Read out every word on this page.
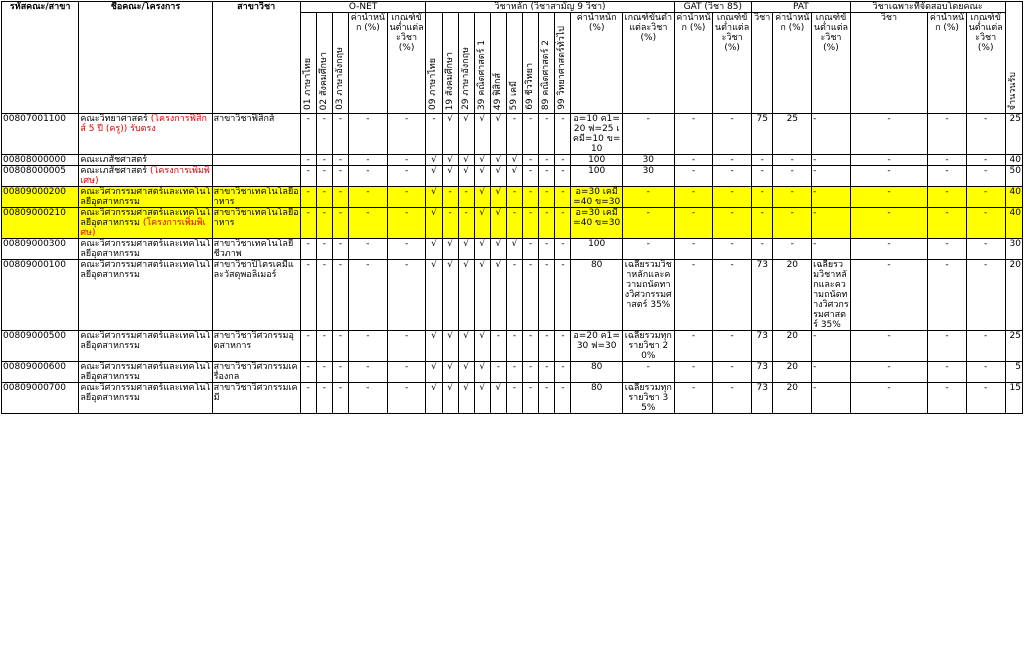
รหัสคณะ/สาขา	ชื่อคณะ/โครงการ	สาขาวิชา	O-NET					วิชาหลัก (วิชาสามัญ 9 วิชา)											GAT (วิชา 85)		PAT			วิชาเฉพาะที่จัดสอบโดยคณะ			จำนวนรับ
			01 ภาษาไทย	02 สังคมศึกษา	03 ภาษาอังกฤษ	ค่าน้ำหนัก (%)	เกณฑ์ขั้นต่ำแต่ละวิชา (%)	09 ภาษาไทย	19 สังคมศึกษา	29 ภาษาอังกฤษ	39 คณิตศาสตร์ 1	49 ฟิสิกส์	59 เคมี	69 ชีววิทยา	89 คณิตศาสตร์ 2	99 วิทยาศาสตร์ทั่วไป	ค่าน้ำหนัก (%)	เกณฑ์ขั้นต่ำแต่ละวิชา (%)	ค่าน้ำหนัก (%)	เกณฑ์ขั้นต่ำแต่ละวิชา (%)	วิชา	ค่าน้ำหนัก (%)	เกณฑ์ขั้นต่ำแต่ละวิชา (%)	วิชา	ค่าน้ำหนัก (%)	เกณฑ์ขั้นต่ำแต่ละวิชา (%)	

00807001100	คณะวิทยาศาสตร์ (โครงการฟิสิกส์ 5 ปี (ครู)) รับตรง	สาขาวิชาฟิสิกส์	-	-	-	-	-	-	√	√	√	√	-	-	-	-	อ=10 ค1=20 ฟ=25 เคมี=10 ข=10	-	-	-	75	25	-	-	-	-	25
00808000000	คณะเภสัชศาสตร์		-	-	-	-	-	√	√	√	√	√	√	-	-	-	100	30	-	-	-	-	-	-	-	-	40
00808000005	คณะเภสัชศาสตร์ (โครงการเพิ่มพิเศษ)		-	-	-	-	-	√	√	√	√	√	√	-	-	-	100	30	-	-	-	-	-	-	-	-	50
00809000200	คณะวิศวกรรมศาสตร์และเทคโนโลยีอุตสาหกรรม	สาขาวิชาเทคโนโลยีอาหาร	-	-	-	-	-	√	-	-	√	√	-	-	-	-	อ=30 เคมี=40 ข=30	-	-	-	-	-	-	-	-	-	40
00809000210	คณะวิศวกรรมศาสตร์และเทคโนโลยีอุตสาหกรรม (โครงการเพิ่มพิเศษ)	สาขาวิชาเทคโนโลยีอาหาร	-	-	-	-	-	√	-	-	√	√	-	-	-	-	อ=30 เคมี=40 ข=30	-	-	-	-	-	-	-	-	-	40
00809000300	คณะวิศวกรรมศาสตร์และเทคโนโลยีอุตสาหกรรม	สาขาวิชาเทคโนโลยีชีวภาพ	-	-	-	-	-	√	√	√	√	√	√	-	-	-	100	-	-	-	-	-	-	-	-	-	30
00809000100	คณะวิศวกรรมศาสตร์และเทคโนโลยีอุตสาหกรรม	สาขาวิชาปิโตรเคมีและวัสดุพอลิเมอร์	-	-	-	-	-	√	√	√	√	√	-	-	-	-	80	เฉลี่ยรวมวิชาหลักและความถนัดทางวิศวกรรมศาสตร์ 35%	-	-	73	20	เฉลี่ยรวมวิชาหลักและความถนัดทางวิศวกรรมศาสตร์ 35%	-	-	-	20
00809000500	คณะวิศวกรรมศาสตร์และเทคโนโลยีอุตสาหกรรม	สาขาวิชาวิศวกรรมอุตสาหการ	-	-	-	-	-	√	√	√	√	-	-	-	-	-	อ=20 ค1=30 ฟ=30	เฉลี่ยรวมทุกรายวิชา 20%	-	-	73	20	-	-	-	-	25
00809000600	คณะวิศวกรรมศาสตร์และเทคโนโลยีอุตสาหกรรม	สาขาวิชาวิศวกรรมเครื่องกล	-	-	-	-	-	√	√	√	√	-	-	-	-	-	80	-	-	-	73	20	-	-	-	-	5
00809000700	คณะวิศวกรรมศาสตร์และเทคโนโลยีอุตสาหกรรม	สาขาวิชาวิศวกรรมเคมี	-	-	-	-	-	√	√	√	√	√	-	-	-	-	80	เฉลี่ยรวมทุกรายวิชา 35%	-	-	73	20	-	-	-	-	15
